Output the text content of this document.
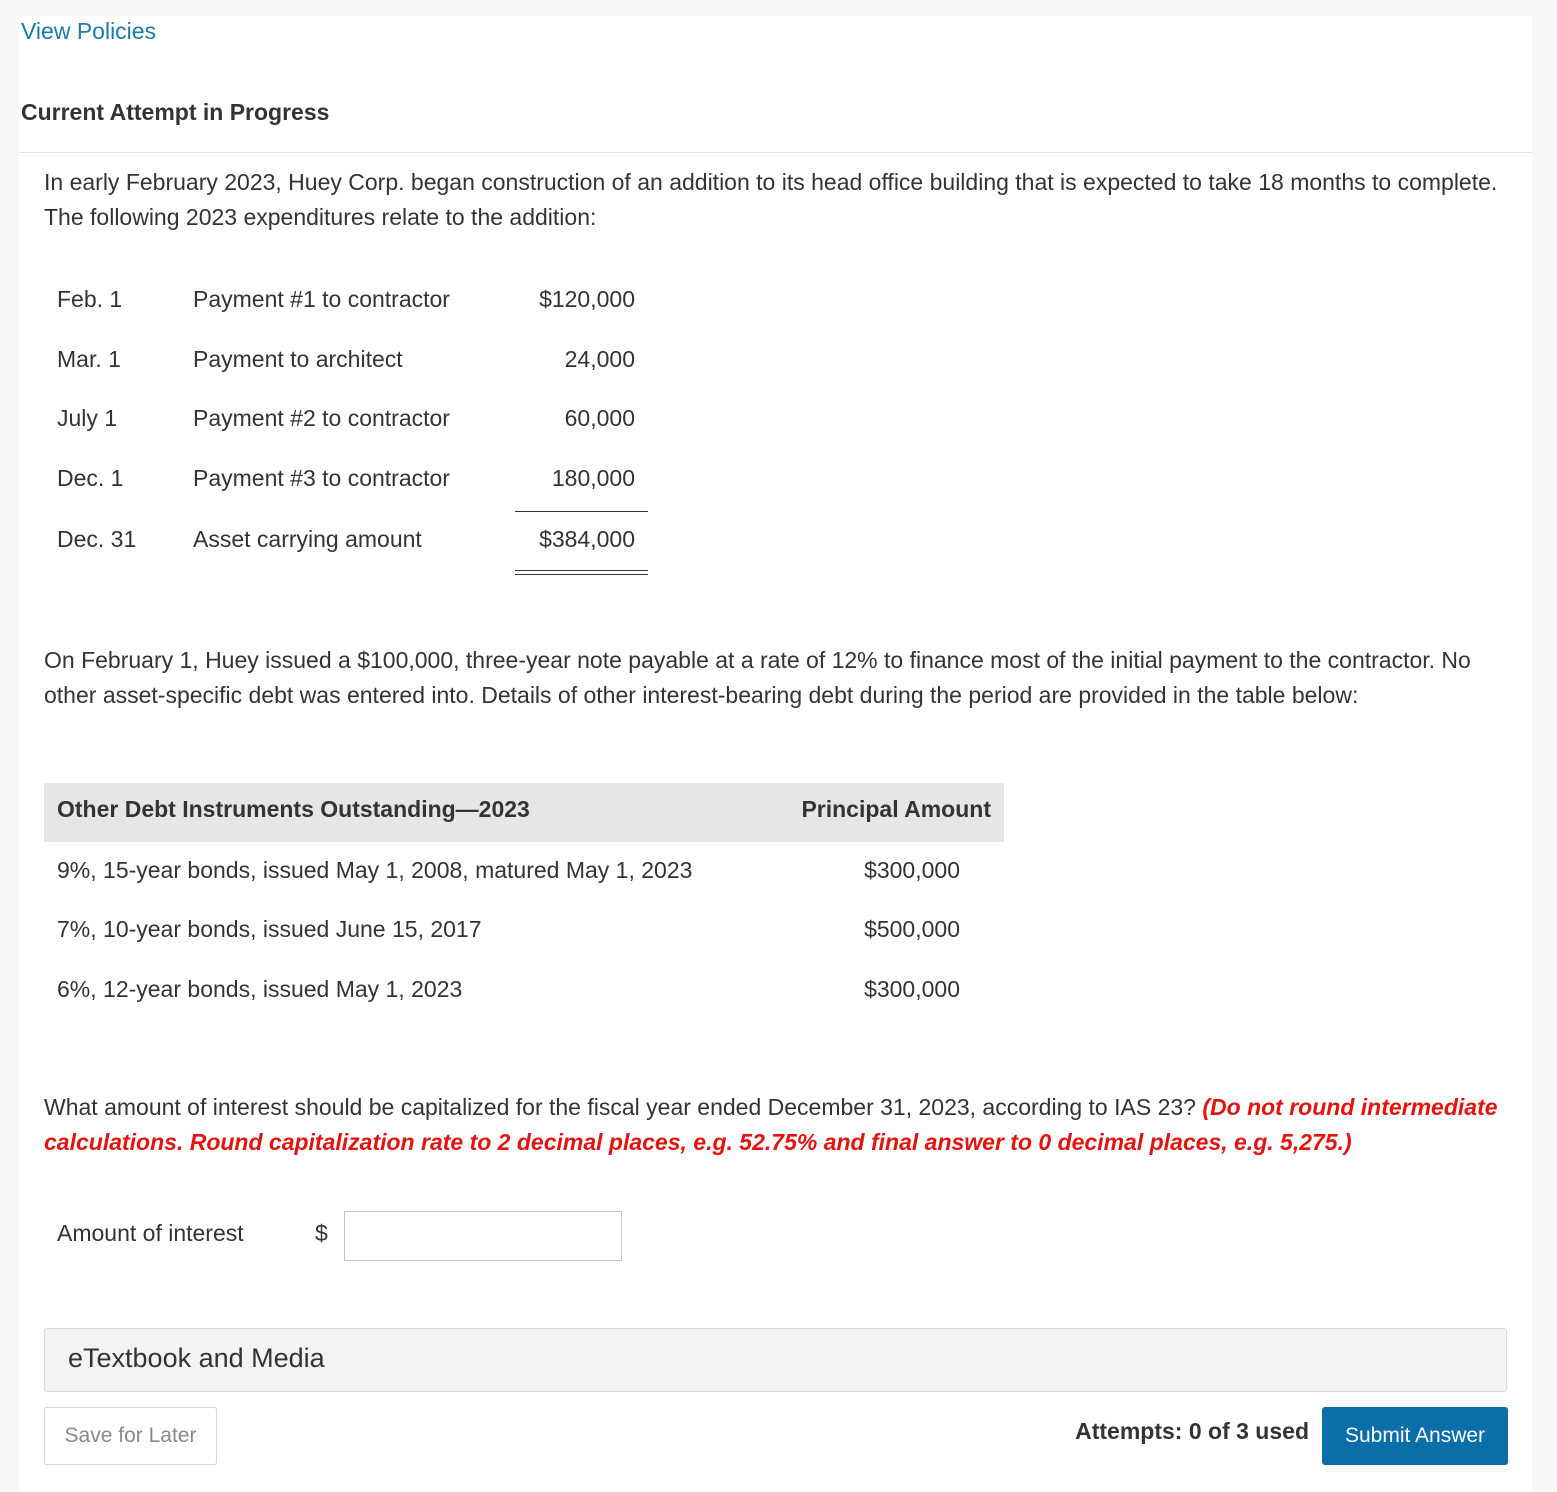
View Policies
Current Attempt in Progress

In early February 2023, Huey Corp. began construction of an addition to its head office building that is expected to take 18 months to complete. The following 2023 expenditures relate to the addition:

Feb. 1	Payment #1 to contractor	$120,000
Mar. 1	Payment to architect	24,000
July 1	Payment #2 to contractor	60,000
Dec. 1	Payment #3 to contractor	180,000
Dec. 31	Asset carrying amount	$384,000

On February 1, Huey issued a $100,000, three-year note payable at a rate of 12% to finance most of the initial payment to the contractor. No other asset-specific debt was entered into. Details of other interest-bearing debt during the period are provided in the table below:

Other Debt Instruments Outstanding—2023	Principal Amount
9%, 15-year bonds, issued May 1, 2008, matured May 1, 2023	$300,000
7%, 10-year bonds, issued June 15, 2017	$500,000
6%, 12-year bonds, issued May 1, 2023	$300,000

What amount of interest should be capitalized for the fiscal year ended December 31, 2023, according to IAS 23? (Do not round intermediate calculations. Round capitalization rate to 2 decimal places, e.g. 52.75% and final answer to 0 decimal places, e.g. 5,275.)

Amount of interest	$
eTextbook and Media
Save for Later	Attempts: 0 of 3 used	Submit Answer
